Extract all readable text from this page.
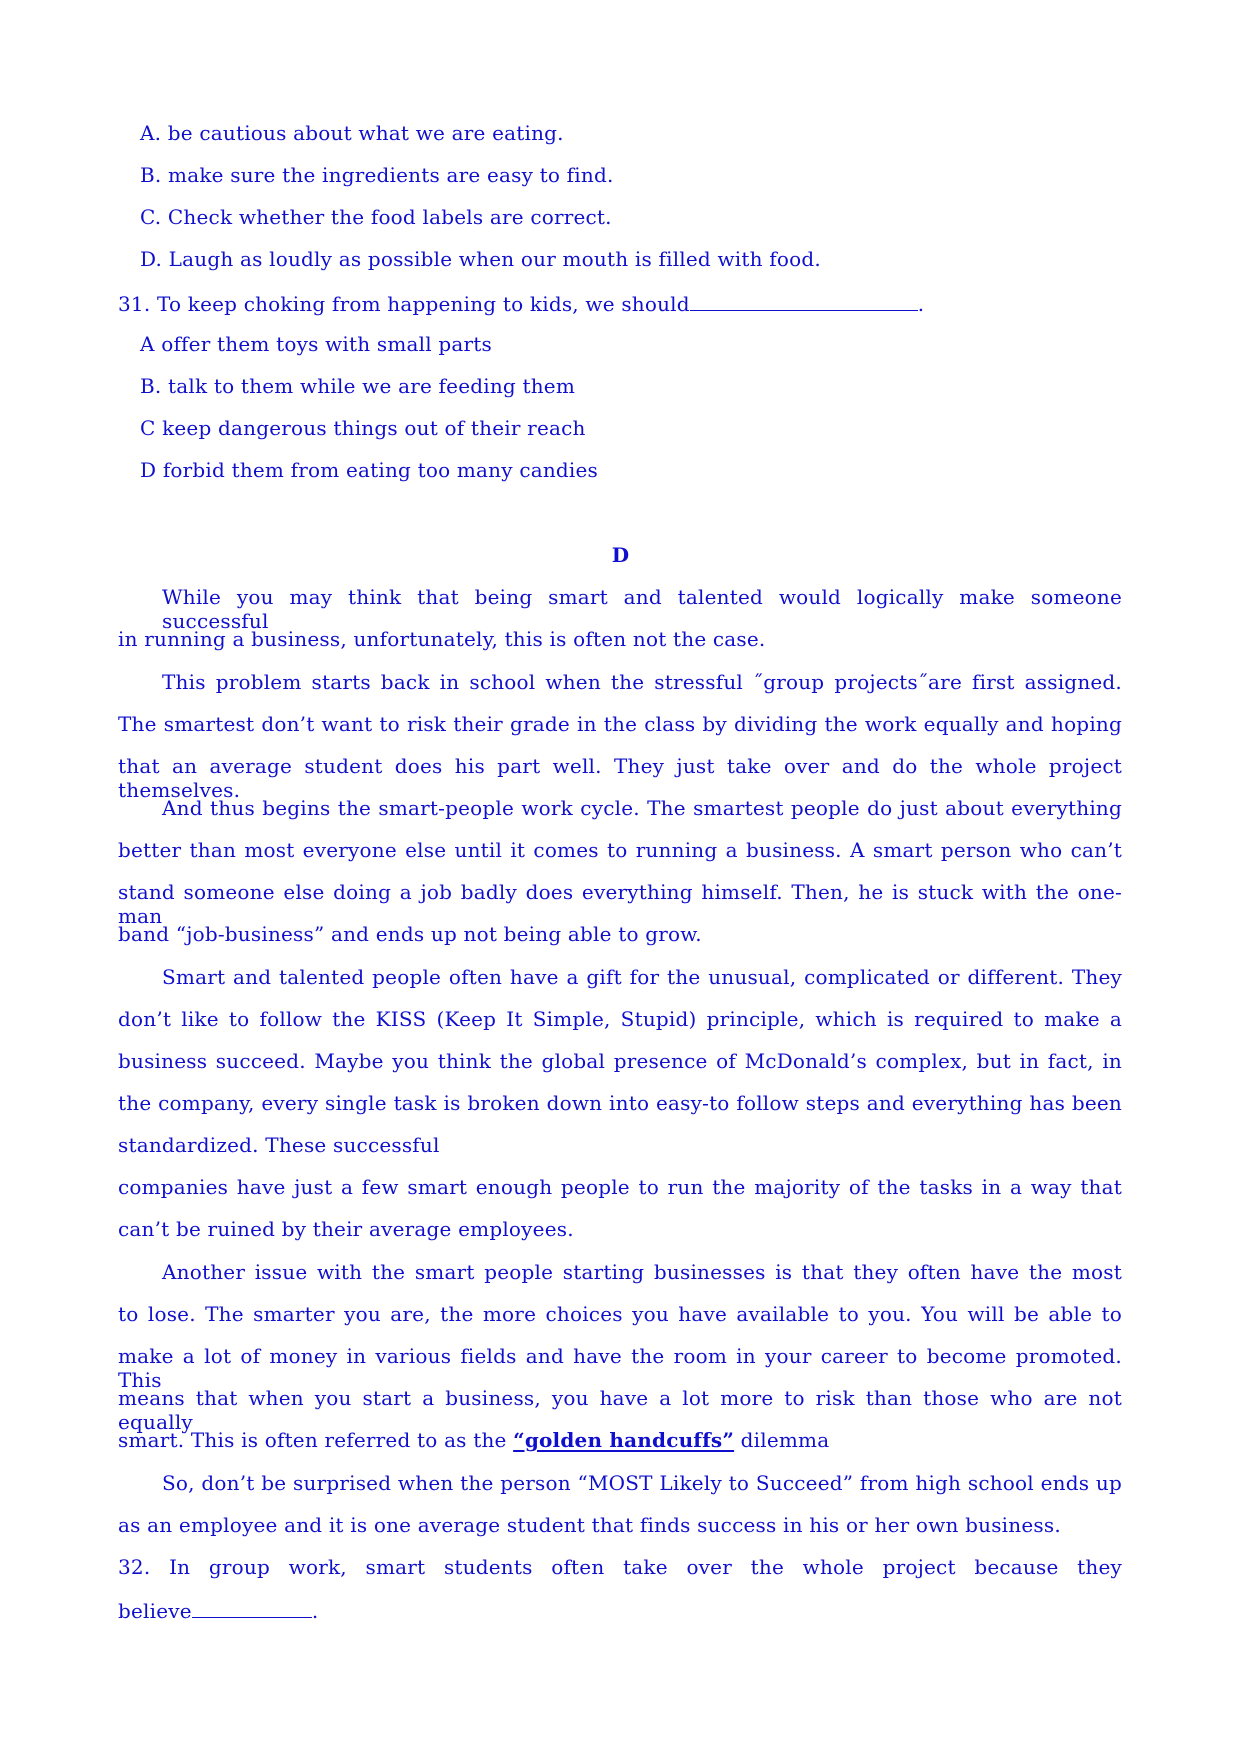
A. be cautious about what we are eating.
B. make sure the ingredients are easy to find.
C. Check whether the food labels are correct.
D. Laugh as loudly as possible when our mouth is filled with food.
31. To keep choking from happening to kids, we should	.
A offer them toys with small parts
B. talk to them while we are feeding them
C keep dangerous things out of their reach
D forbid them from eating too many candies
D
While you may think that being smart and talented would logically make someone successful
in running a business, unfortunately, this is often not the case.
This problem starts back in school when the stressful ˝group projects˝are first assigned.
The smartest don’t want to risk their grade in the class by dividing the work equally and hoping
that an average student does his part well. They just take over and do the whole project themselves.
And thus begins the smart-people work cycle. The smartest people do just about everything
better than most everyone else until it comes to running a business. A smart person who can’t
stand someone else doing a job badly does everything himself. Then, he is stuck with the one-man
band “job-business” and ends up not being able to grow.
Smart and talented people often have a gift for the unusual, complicated or different. They
don’t like to follow the KISS (Keep It Simple, Stupid) principle, which is required to make a
business succeed. Maybe you think the global presence of McDonald’s complex, but in fact, in
the company, every single task is broken down into easy-to follow steps and everything has been
standardized. These successful
companies have just a few smart enough people to run the majority of the tasks in a way that
can’t be ruined by their average employees.
Another issue with the smart people starting businesses is that they often have the most
to lose. The smarter you are, the more choices you have available to you. You will be able to
make a lot of money in various fields and have the room in your career to become promoted. This
means that when you start a business, you have a lot more to risk than those who are not equally
smart. This is often referred to as the “golden handcuffs” dilemma
So, don’t be surprised when the person “MOST Likely to Succeed” from high school ends up
as an employee and it is one average student that finds success in his or her own business.
32. In group work, smart students often take over the whole project because they
believe	.
